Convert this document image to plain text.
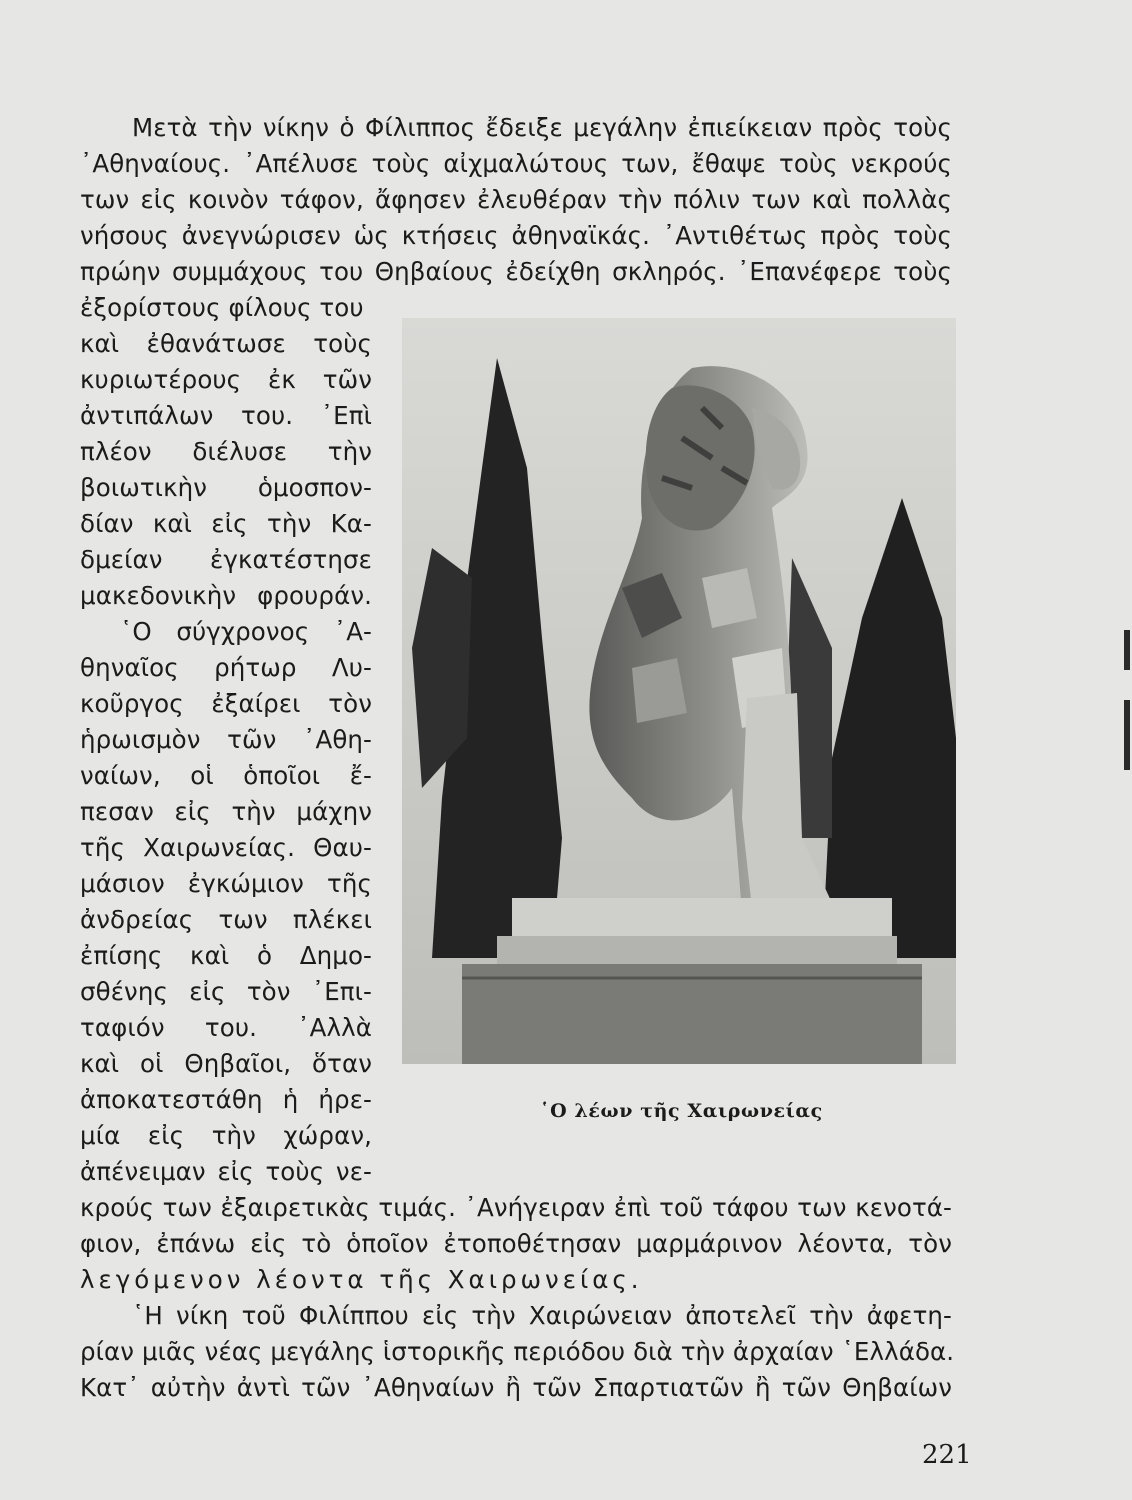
Μετὰ τὴν νίκην ὁ Φίλιππος ἔδειξε μεγάλην ἐπιείκειαν πρὸς τοὺς
᾿Αθηναίους. ᾿Απέλυσε τοὺς αἰχμαλώτους των, ἔθαψε τοὺς νεκρούς
των εἰς κοινὸν τάφον, ἄφησεν ἐλευθέραν τὴν πόλιν των καὶ πολλὰς
νήσους ἀνεγνώρισεν ὡς κτήσεις ἀθηναϊκάς. ᾿Αντιθέτως πρὸς τοὺς
πρώην συμμάχους του Θηβαίους ἐδείχθη σκληρός. ᾿Επανέφερε τοὺς
ἐξορίστους φίλους του
καὶ ἐθανάτωσε τοὺς
κυριωτέρους ἐκ τῶν
ἀντιπάλων του. ᾿Επὶ
πλέον διέλυσε τὴν
βοιωτικὴν ὁμοσπον-
δίαν καὶ εἰς τὴν Κα-
δμείαν ἐγκατέστησε
μακεδονικὴν φρουράν.
῾Ο σύγχρονος ᾿Α-
θηναῖος ρήτωρ Λυ-
κοῦργος ἐξαίρει τὸν
ἡρωισμὸν τῶν ᾿Αθη-
ναίων, οἱ ὁποῖοι ἔ-
πεσαν εἰς τὴν μάχην
τῆς Χαιρωνείας. Θαυ-
μάσιον ἐγκώμιον τῆς
ἀνδρείας των πλέκει
ἐπίσης καὶ ὁ Δημο-
σθένης εἰς τὸν ᾿Επι-
ταφιόν του. ᾿Αλλὰ
καὶ οἱ Θηβαῖοι, ὅταν
ἀποκατεστάθη ἡ ἠρε-
μία εἰς τὴν χώραν,
ἀπένειμαν εἰς τοὺς νε-
῾Ο λέων τῆς Χαιρωνείας
κρούς των ἐξαιρετικὰς τιμάς. ᾿Ανήγειραν ἐπὶ τοῦ τάφου των κενοτά-
φιον, ἐπάνω εἰς τὸ ὁποῖον ἐτοποθέτησαν μαρμάρινον λέοντα, τὸν
λεγόμενον λέοντα τῆς Χαιρωνείας.
῾Η νίκη τοῦ Φιλίππου εἰς τὴν Χαιρώνειαν ἀποτελεῖ τὴν ἀφετη-
ρίαν μιᾶς νέας μεγάλης ἱστορικῆς περιόδου διὰ τὴν ἀρχαίαν ῾Ελλάδα.
Κατ᾿ αὐτὴν ἀντὶ τῶν ᾿Αθηναίων ἢ τῶν Σπαρτιατῶν ἢ τῶν Θηβαίων
221
